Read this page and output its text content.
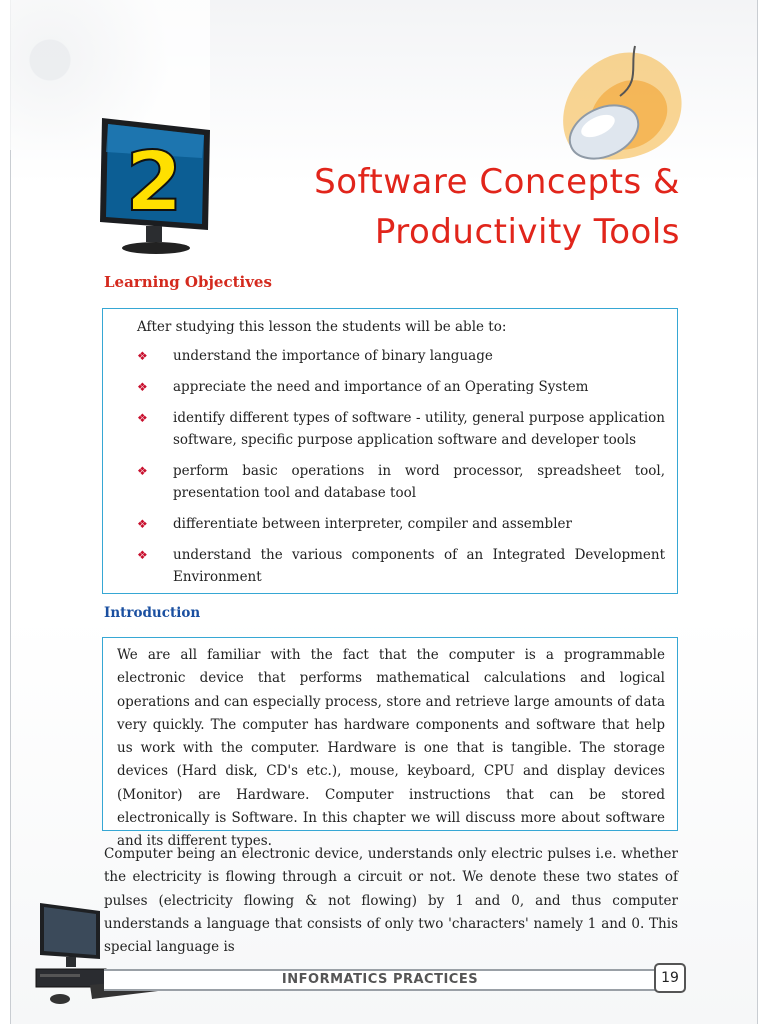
2	Software Concepts &
Productivity Tools
Learning Objectives

After studying this lesson the students will be able to:

❖ understand the importance of binary language
❖ appreciate the need and importance of an Operating System
❖ identify different types of software - utility, general purpose application software, specific purpose application software and developer tools
❖ perform basic operations in word processor, spreadsheet tool, presentation tool and database tool
❖ differentiate between interpreter, compiler and assembler
❖ understand the various components of an Integrated Development Environment
Introduction

We are all familiar with the fact that the computer is a programmable electronic device that performs mathematical calculations and logical operations and can especially process, store and retrieve large amounts of data very quickly. The computer has hardware components and software that help us work with the computer. Hardware is one that is tangible. The storage devices (Hard disk, CD's etc.), mouse, keyboard, CPU and display devices (Monitor) are Hardware. Computer instructions that can be stored electronically is Software. In this chapter we will discuss more about software and its different types.

Computer being an electronic device, understands only electric pulses i.e. whether the electricity is flowing through a circuit or not. We denote these two states of pulses (electricity flowing & not flowing) by 1 and 0, and thus computer understands a language that consists of only two 'characters' namely 1 and 0. This special language is

INFORMATICS PRACTICES	19
